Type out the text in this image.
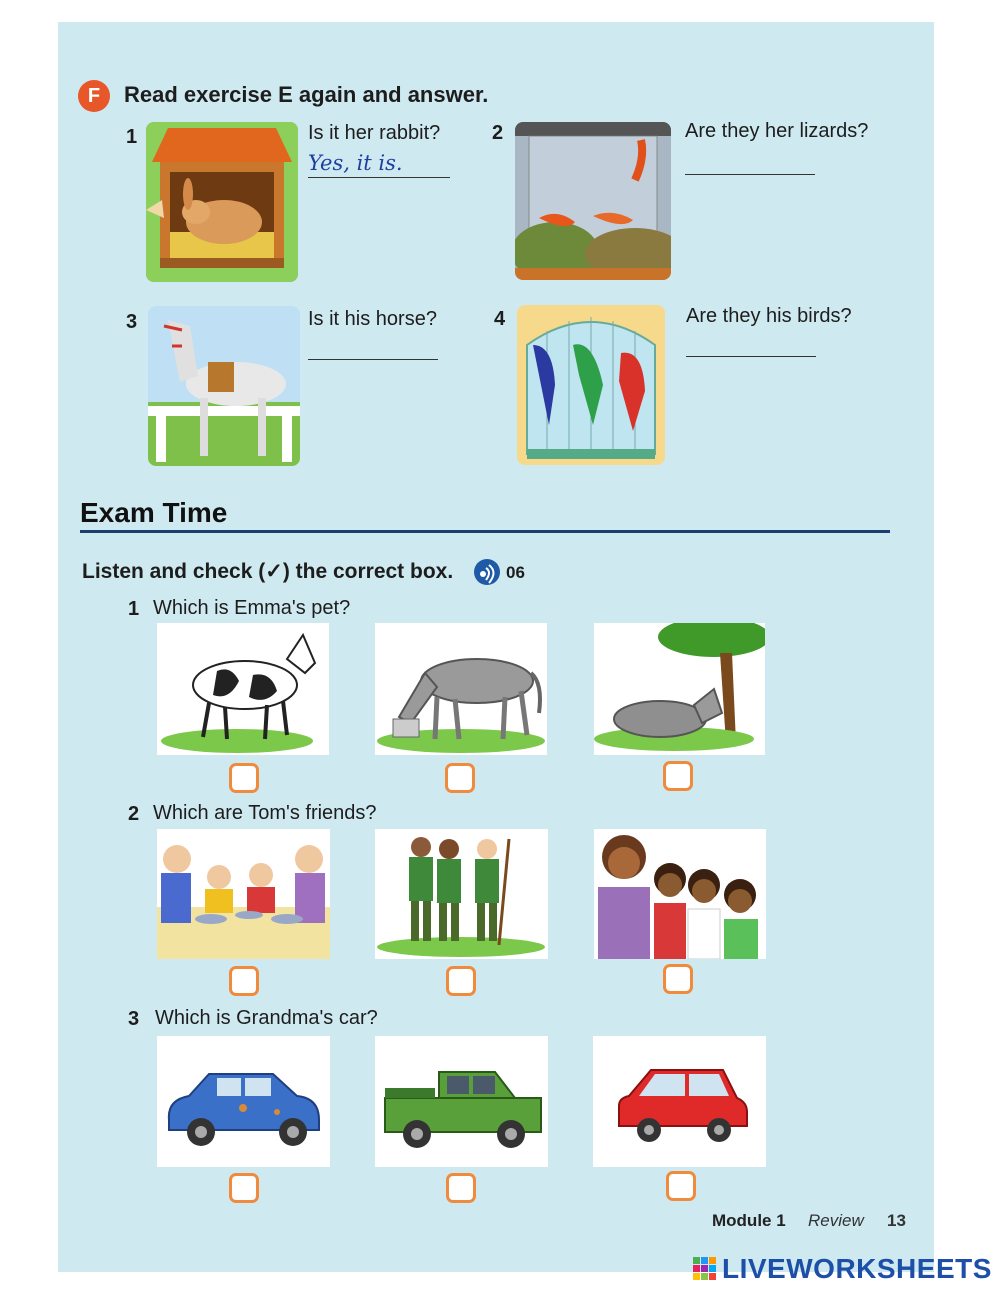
F	Read exercise E again and answer.
1	Is it her rabbit?
Yes, it is.
2	Are they her lizards?
3	Is it his horse?	4	Are they his birds?
Exam Time
Listen and check (✓) the correct box.	06
1 Which is Emma's pet?
2 Which are Tom's friends?
3 Which is Grandma's car?
Module 1 Review 13
LIVEWORKSHEETS
